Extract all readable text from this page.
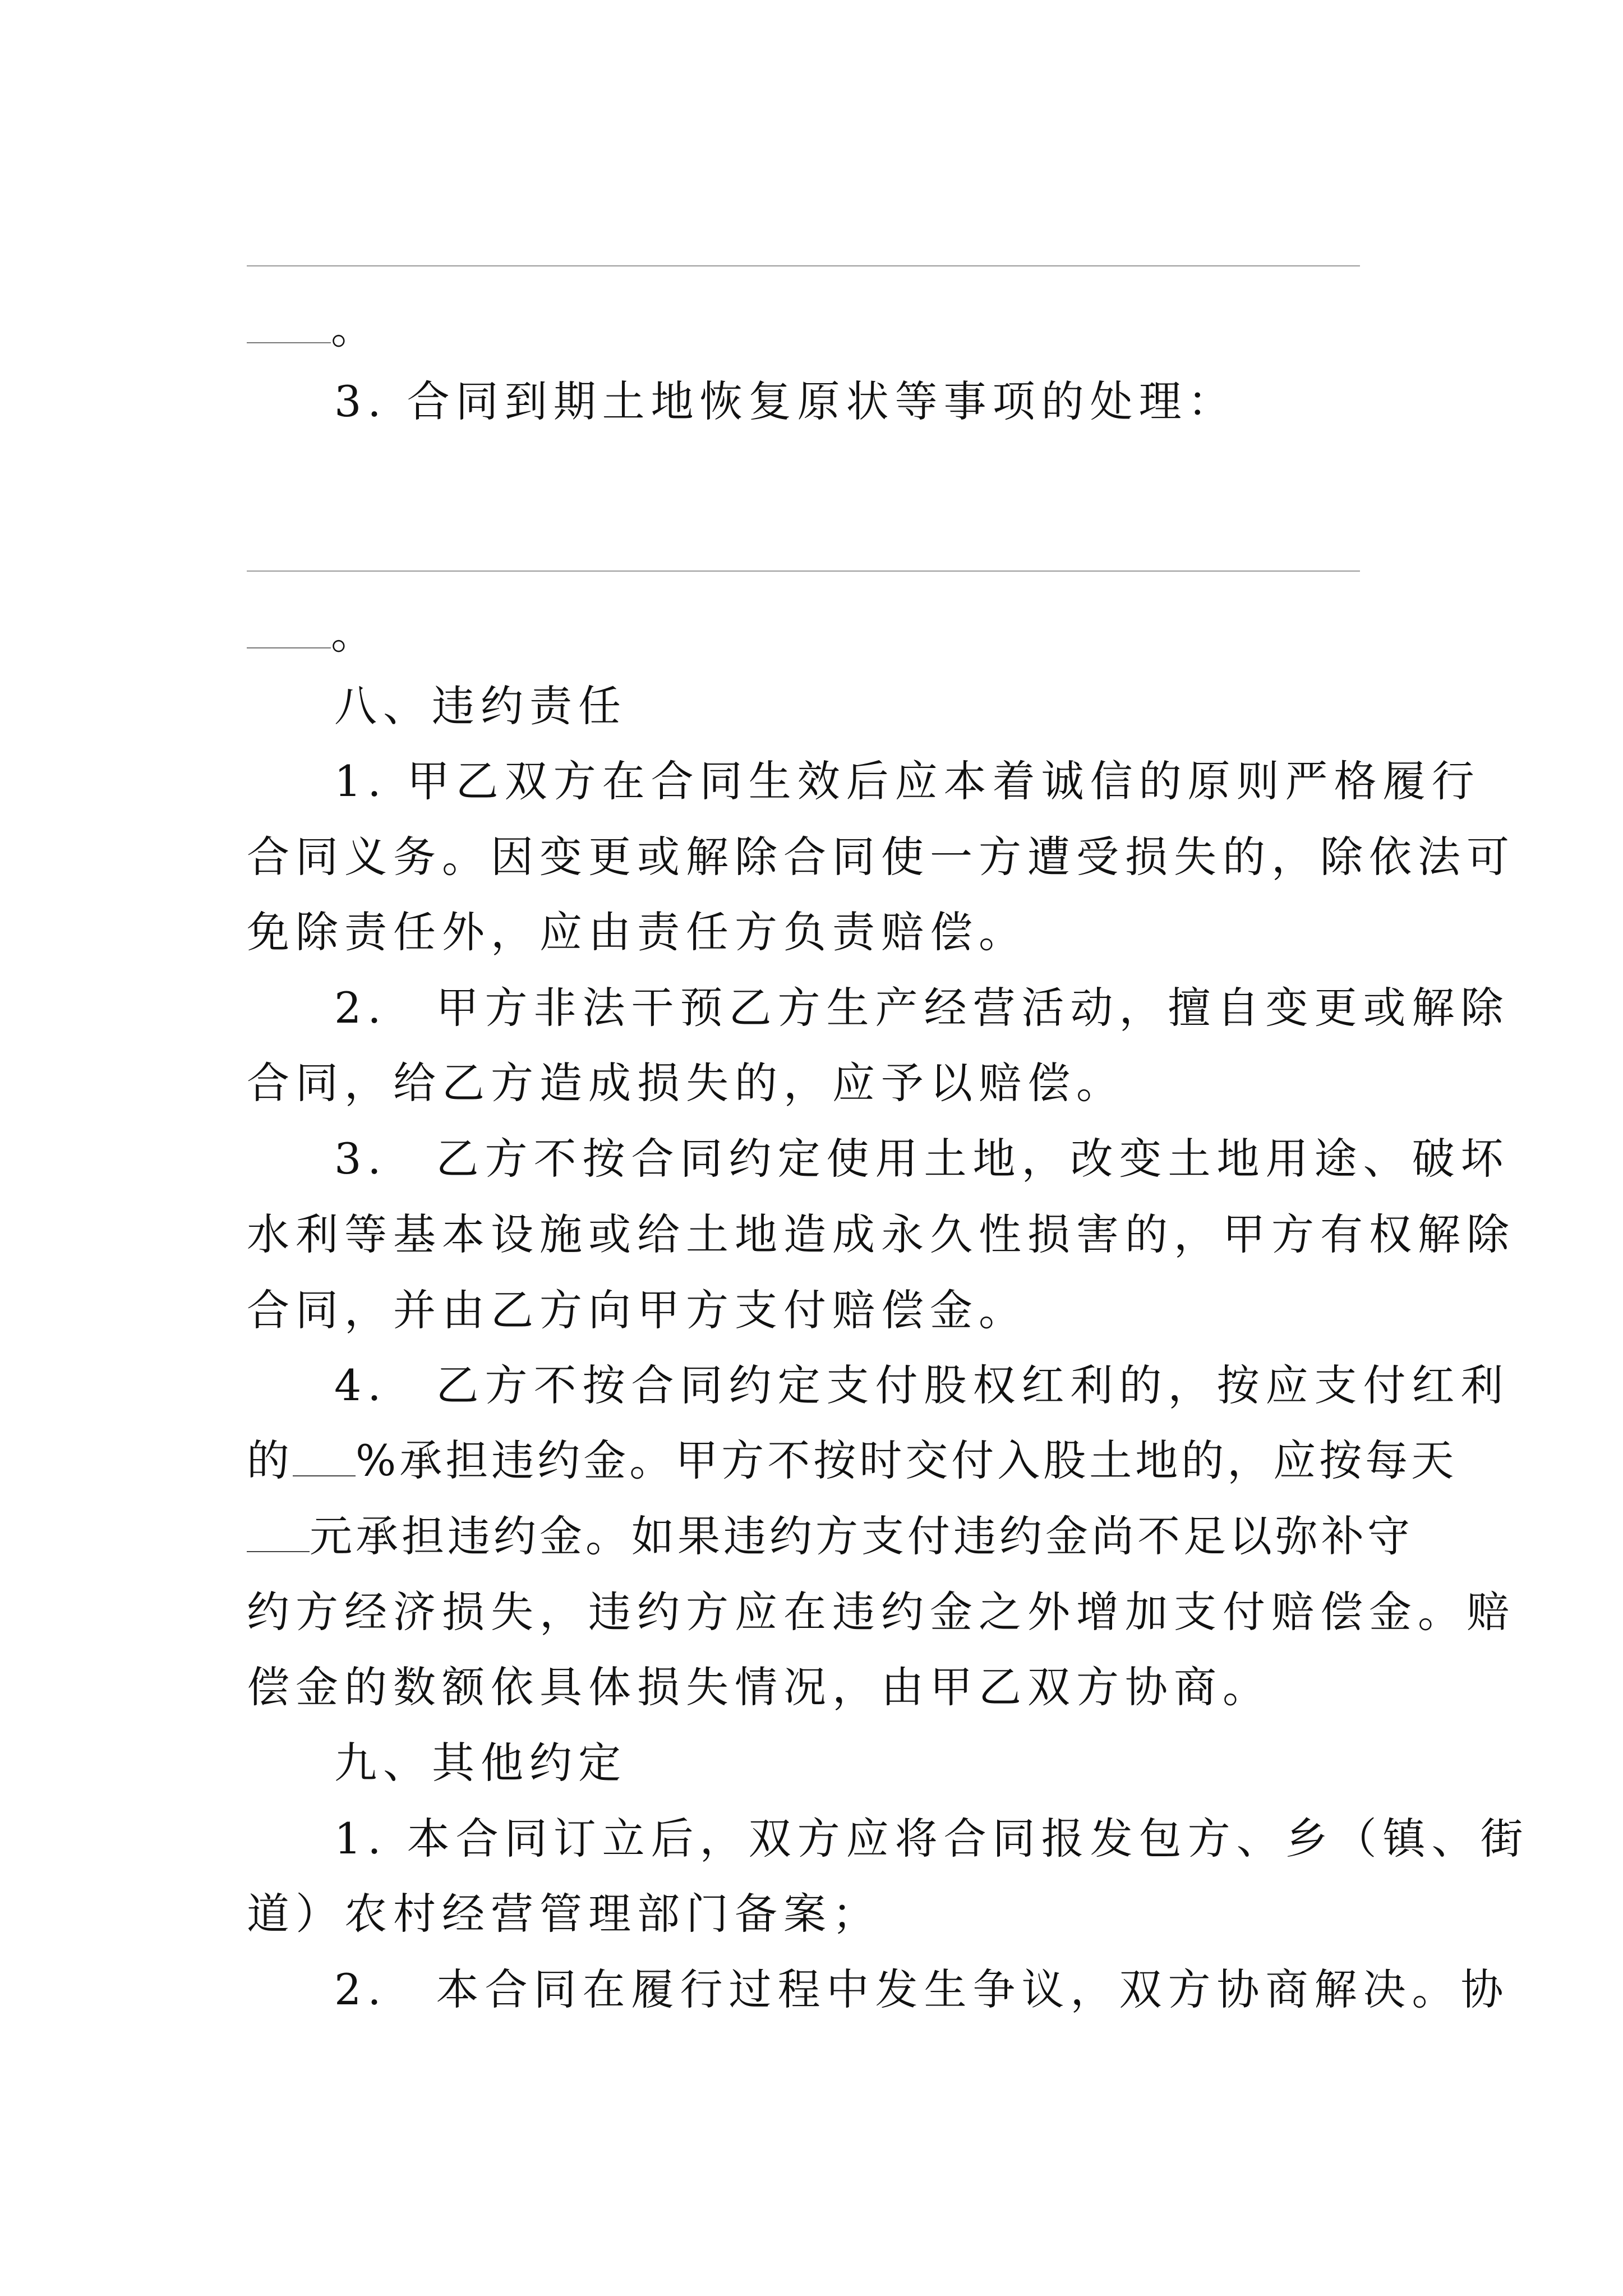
。
3. 合同到期土地恢复原状等事项的处理：
。
八、违约责任
1. 甲乙双方在合同生效后应本着诚信的原则严格履行
合同义务。因变更或解除合同使一方遭受损失的，除依法可
免除责任外，应由责任方负责赔偿。
2.　甲方非法干预乙方生产经营活动，擅自变更或解除
合同，给乙方造成损失的，应予以赔偿。
3.　乙方不按合同约定使用土地，改变土地用途、破坏
水利等基本设施或给土地造成永久性损害的，甲方有权解除
合同，并由乙方向甲方支付赔偿金。
4.　乙方不按合同约定支付股权红利的，按应支付红利
的 %承担违约金。甲方不按时交付入股土地的，应按每天
元承担违约金。如果违约方支付违约金尚不足以弥补守
约方经济损失，违约方应在违约金之外增加支付赔偿金。赔
偿金的数额依具体损失情况，由甲乙双方协商。
九、其他约定
1. 本合同订立后，双方应将合同报发包方、乡（镇、街
道）农村经营管理部门备案；
2.　本合同在履行过程中发生争议，双方协商解决。协
